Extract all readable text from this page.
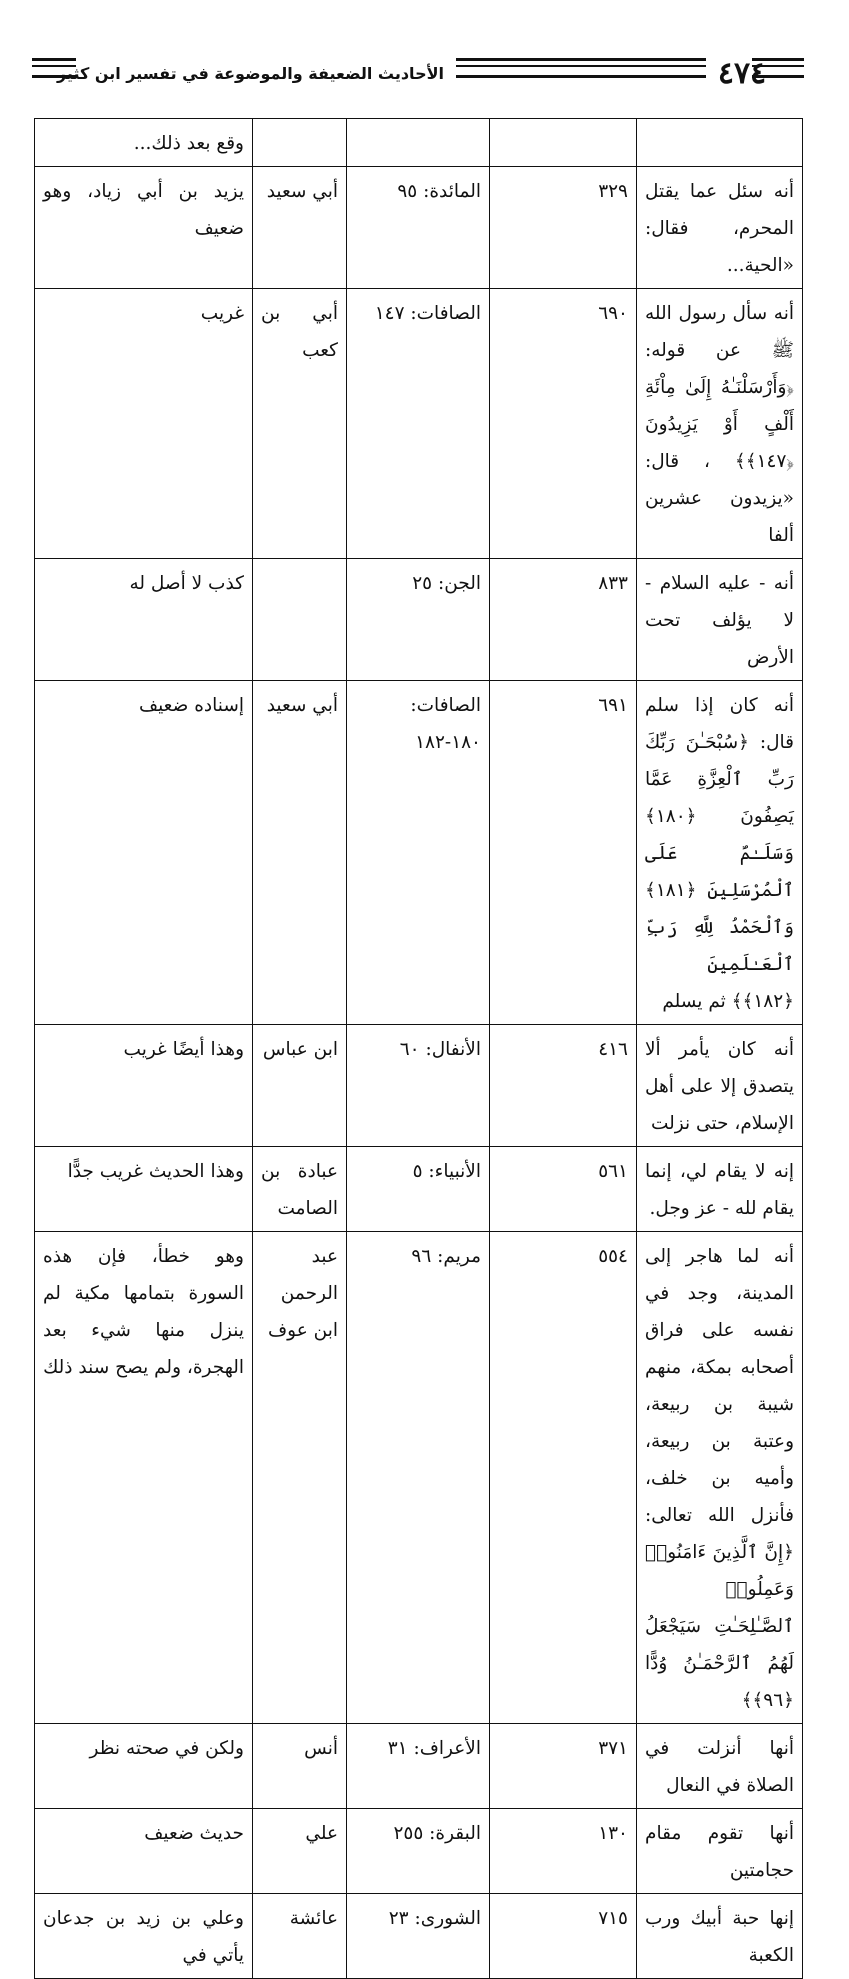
الأحاديث الضعيفة والموضوعة في تفسير ابن كثير	٤٧٤
				وقع بعد ذلك...
أنه سئل عما يقتل المحرم، فقال: «الحية...	٣٢٩	المائدة: ٩٥	أبي سعيد	يزيد بن أبي زياد، وهو ضعيف
أنه سأل رسول الله ﷺ عن قوله: ﴿وَأَرْسَلْنَـٰهُ إِلَىٰ مِاْئَةِ أَلْفٍ أَوْ يَزِيدُونَ ﴿١٤٧﴾﴾ ، قال: «يزيدون عشرين ألفا	٦٩٠	الصافات: ١٤٧	أبي بن كعب	غريب
أنه - عليه السلام - لا يؤلف تحت الأرض	٨٣٣	الجن: ٢٥		كذب لا أصل له
أنه كان إذا سلم قال: ﴿سُبْحَـٰنَ رَبِّكَ رَبِّ ٱلْعِزَّةِ عَمَّا يَصِفُونَ ﴿١٨٠﴾ وَسَلَـٰمٌ عَلَى ٱلْمُرْسَلِينَ ﴿١٨١﴾ وَٱلْحَمْدُ لِلَّهِ رَبِّ ٱلْعَـٰلَمِينَ ﴿١٨٢﴾﴾ ثم يسلم	٦٩١	الصافات: ١٨٠-١٨٢	أبي سعيد	إسناده ضعيف
أنه كان يأمر ألا يتصدق إلا على أهل الإسلام، حتى نزلت	٤١٦	الأنفال: ٦٠	ابن عباس	وهذا أيضًا غريب
إنه لا يقام لي، إنما يقام لله - عز وجل.	٥٦١	الأنبياء: ٥	عبادة بن الصامت	وهذا الحديث غريب جدًّا
أنه لما هاجر إلى المدينة، وجد في نفسه على فراق أصحابه بمكة، منهم شيبة بن ربيعة، وعتبة بن ربيعة، وأميه بن خلف، فأنزل الله تعالى: ﴿إِنَّ ٱلَّذِينَ ءَامَنُوا۟ وَعَمِلُوا۟ ٱلصَّـٰلِحَـٰتِ سَيَجْعَلُ لَهُمُ ٱلرَّحْمَـٰنُ وُدًّا ﴿٩٦﴾﴾	٥٥٤	مريم: ٩٦	عبد الرحمن ابن عوف	وهو خطأ، فإن هذه السورة بتمامها مكية لم ينزل منها شيء بعد الهجرة، ولم يصح سند ذلك
أنها أنزلت في الصلاة في النعال	٣٧١	الأعراف: ٣١	أنس	ولكن في صحته نظر
أنها تقوم مقام حجامتين	١٣٠	البقرة: ٢٥٥	علي	حديث ضعيف
إنها حبة أبيك ورب الكعبة	٧١٥	الشورى: ٢٣	عائشة	وعلي بن زيد بن جدعان يأتي في
